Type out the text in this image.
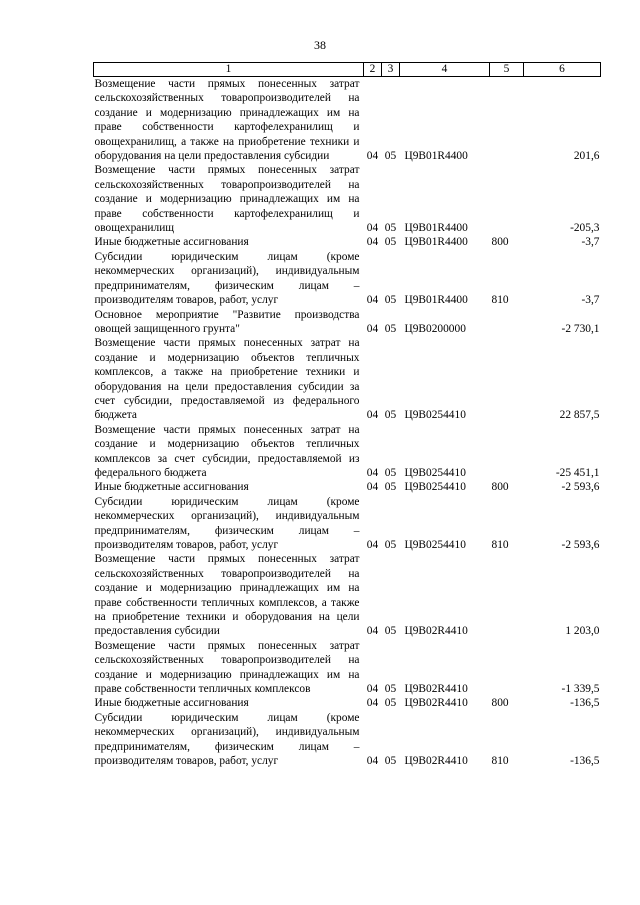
38
1	2	3	4	5	6
Возмещение части прямых понесенных затрат сельскохозяйственных товаропроизводителей на создание и модернизацию принадлежащих им на праве собственности картофелехранилищ и овощехранилищ, а также на приобретение техники и оборудования на цели предоставления субсидии	04	05	Ц9В01R4400		201,6
Возмещение части прямых понесенных затрат сельскохозяйственных товаропроизводителей на создание и модернизацию принадлежащих им на праве собственности картофелехранилищ и овощехранилищ	04	05	Ц9В01R4400		-205,3
Иные бюджетные ассигнования	04	05	Ц9В01R4400	800	-3,7
Субсидии юридическим лицам (кроме некоммерческих организаций), индивидуальным предпринимателям, физическим лицам – производителям товаров, работ, услуг	04	05	Ц9В01R4400	810	-3,7
Основное мероприятие "Развитие производства овощей защищенного грунта"	04	05	Ц9В0200000		-2 730,1
Возмещение части прямых понесенных затрат на создание и модернизацию объектов тепличных комплексов, а также на приобретение техники и оборудования на цели предоставления субсидии за счет субсидии, предоставляемой из федерального бюджета	04	05	Ц9В0254410		22 857,5
Возмещение части прямых понесенных затрат на создание и модернизацию объектов тепличных комплексов за счет субсидии, предоставляемой из федерального бюджета	04	05	Ц9В0254410		-25 451,1
Иные бюджетные ассигнования	04	05	Ц9В0254410	800	-2 593,6
Субсидии юридическим лицам (кроме некоммерческих организаций), индивидуальным предпринимателям, физическим лицам – производителям товаров, работ, услуг	04	05	Ц9В0254410	810	-2 593,6
Возмещение части прямых понесенных затрат сельскохозяйственных товаропроизводителей на создание и модернизацию принадлежащих им на праве собственности тепличных комплексов, а также на приобретение техники и оборудования на цели предоставления субсидии	04	05	Ц9В02R4410		1 203,0
Возмещение части прямых понесенных затрат сельскохозяйственных товаропроизводителей на создание и модернизацию принадлежащих им на праве собственности тепличных комплексов	04	05	Ц9В02R4410		-1 339,5
Иные бюджетные ассигнования	04	05	Ц9В02R4410	800	-136,5
Субсидии юридическим лицам (кроме некоммерческих организаций), индивидуальным предпринимателям, физическим лицам – производителям товаров, работ, услуг	04	05	Ц9В02R4410	810	-136,5
